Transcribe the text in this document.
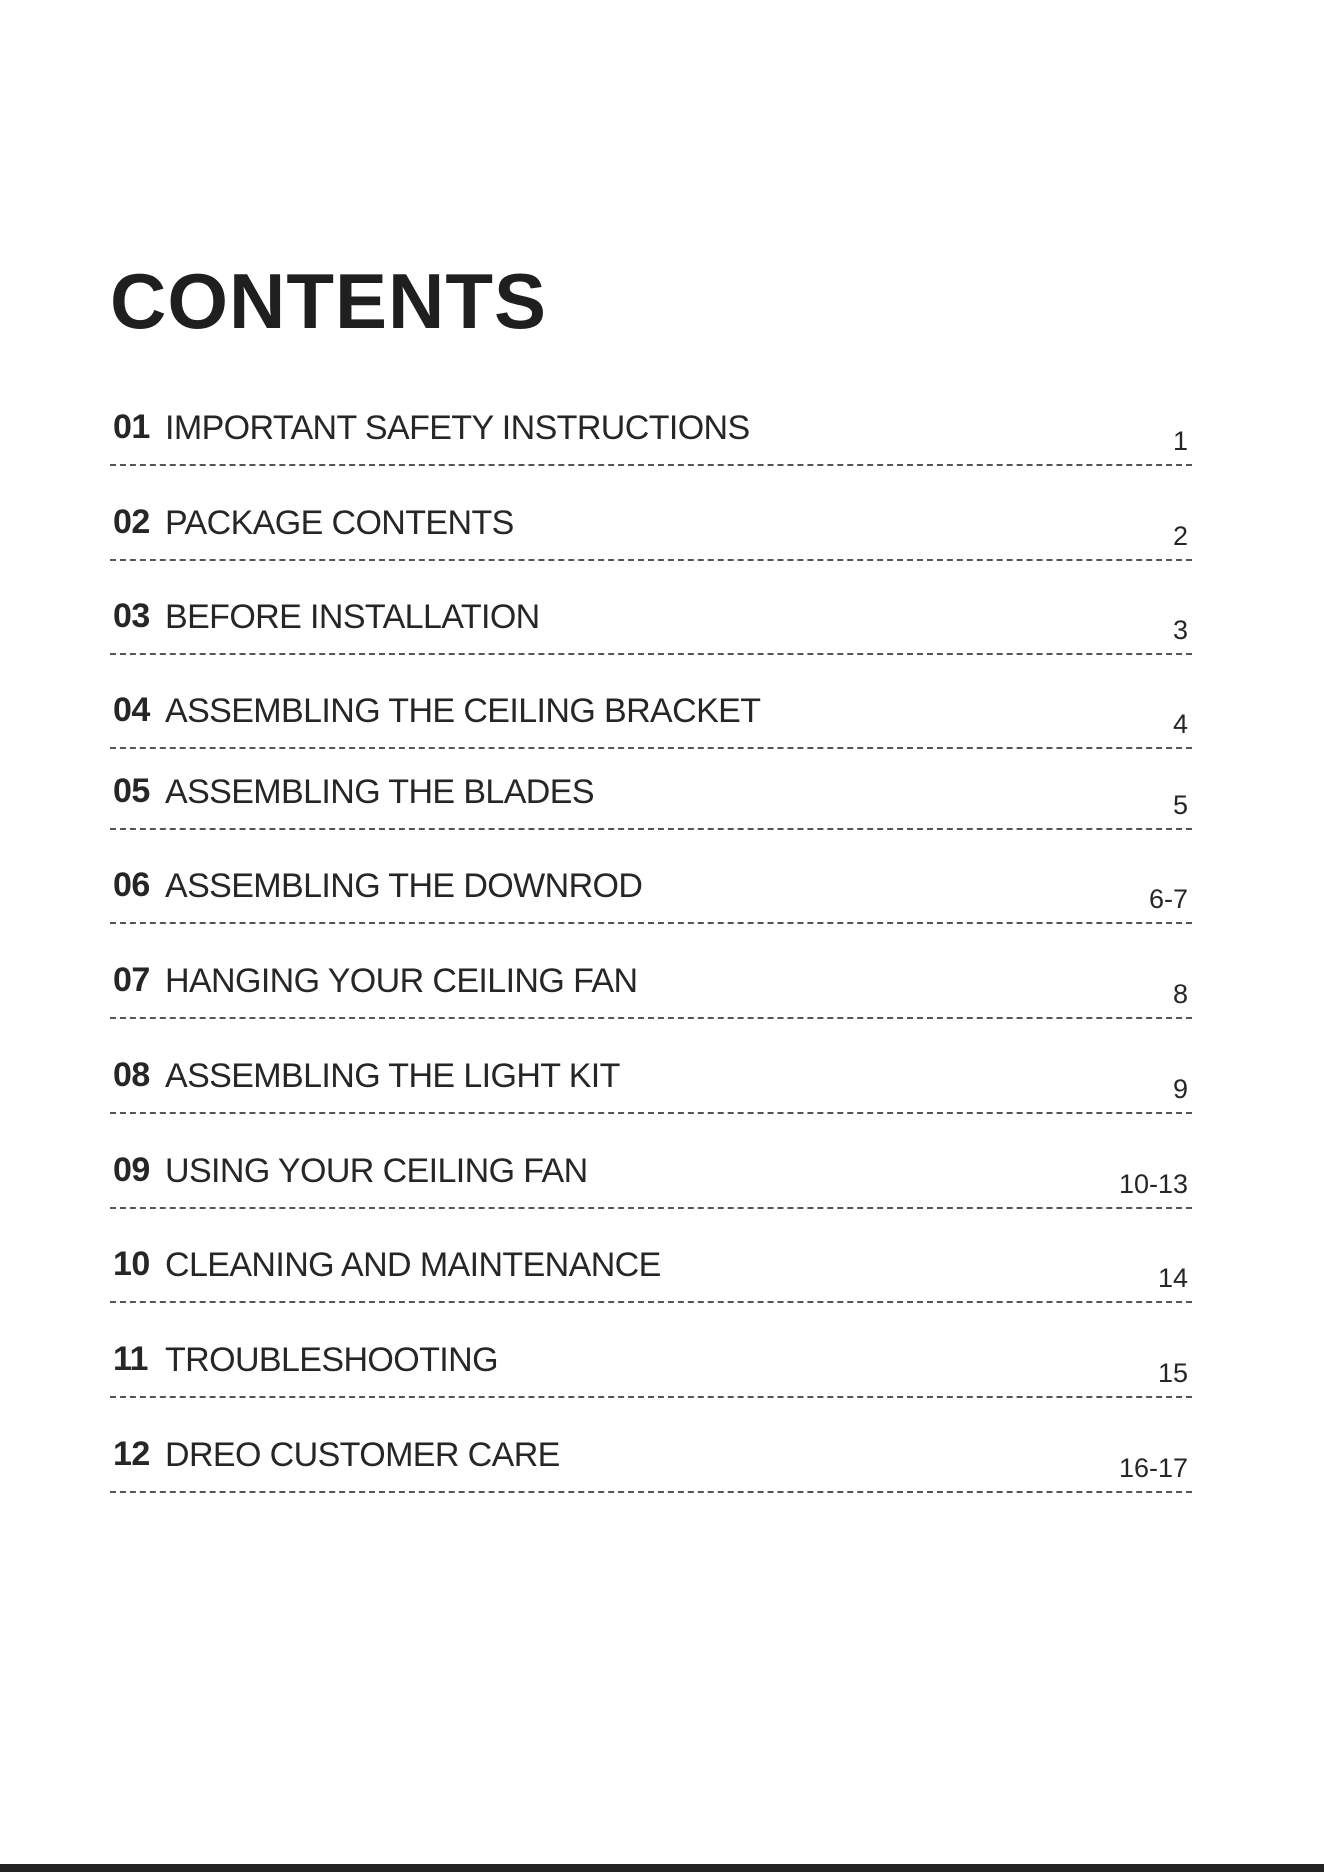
CONTENTS
01 IMPORTANT SAFETY INSTRUCTIONS	1
02 PACKAGE CONTENTS	2
03 BEFORE INSTALLATION	3
04 ASSEMBLING THE CEILING BRACKET	4
05 ASSEMBLING THE BLADES	5
06 ASSEMBLING THE DOWNROD	6-7
07 HANGING YOUR CEILING FAN	8
08 ASSEMBLING THE LIGHT KIT	9
09 USING YOUR CEILING FAN	10-13
10 CLEANING AND MAINTENANCE	14
11 TROUBLESHOOTING	15
12 DREO CUSTOMER CARE	16-17
